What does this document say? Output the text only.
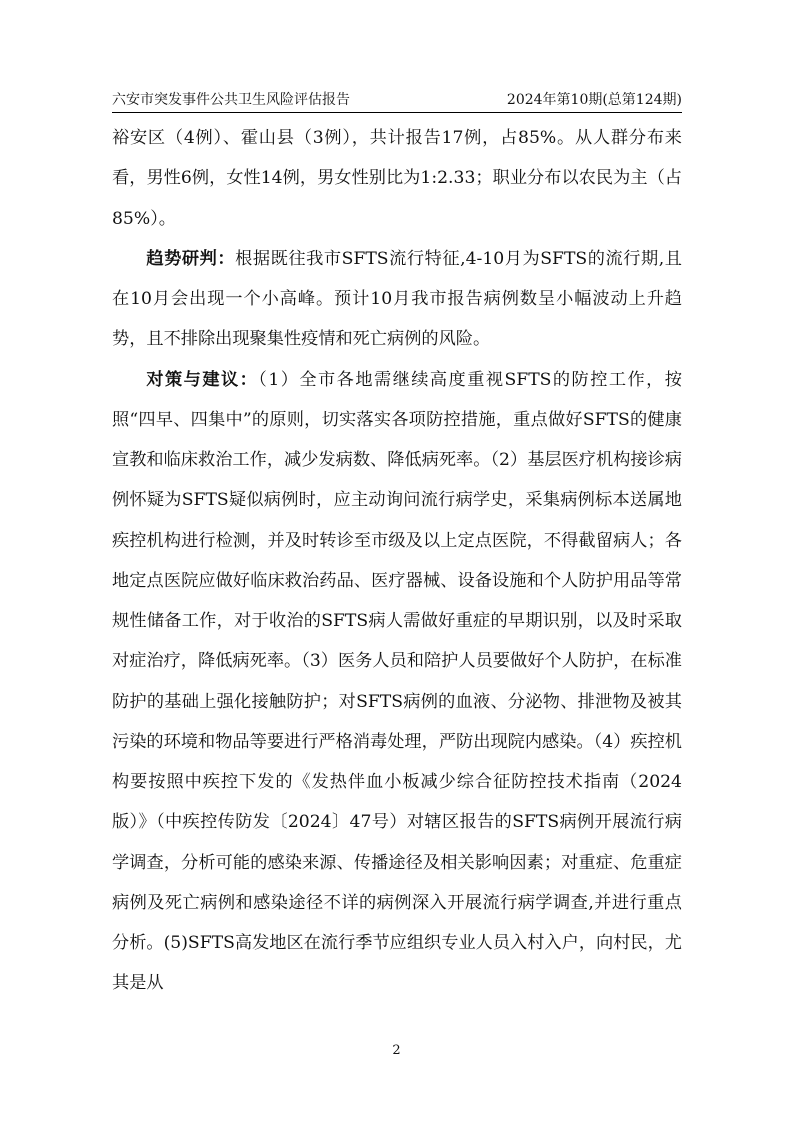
六安市突发事件公共卫生风险评估报告	2024年第10期(总第124期)

裕安区（4例）、霍山县（3例），共计报告17例，占85%。从人群分布来看，男性6例，女性14例，男女性别比为1:2.33；职业分布以农民为主（占85%）。

趋势研判：根据既往我市SFTS流行特征,4-10月为SFTS的流行期,且在10月会出现一个小高峰。预计10月我市报告病例数呈小幅波动上升趋势，且不排除出现聚集性疫情和死亡病例的风险。

对策与建议：（1）全市各地需继续高度重视SFTS的防控工作，按照“四早、四集中”的原则，切实落实各项防控措施，重点做好SFTS的健康宣教和临床救治工作，减少发病数、降低病死率。（2）基层医疗机构接诊病例怀疑为SFTS疑似病例时，应主动询问流行病学史，采集病例标本送属地疾控机构进行检测，并及时转诊至市级及以上定点医院，不得截留病人；各地定点医院应做好临床救治药品、医疗器械、设备设施和个人防护用品等常规性储备工作，对于收治的SFTS病人需做好重症的早期识别，以及时采取对症治疗，降低病死率。（3）医务人员和陪护人员要做好个人防护，在标准防护的基础上强化接触防护；对SFTS病例的血液、分泌物、排泄物及被其污染的环境和物品等要进行严格消毒处理，严防出现院内感染。（4）疾控机构要按照中疾控下发的《发热伴血小板减少综合征防控技术指南（2024版）》（中疾控传防发〔2024〕47号）对辖区报告的SFTS病例开展流行病学调查，分析可能的感染来源、传播途径及相关影响因素；对重症、危重症病例及死亡病例和感染途径不详的病例深入开展流行病学调查,并进行重点分析。(5)SFTS高发地区在流行季节应组织专业人员入村入户，向村民，尤其是从

2
